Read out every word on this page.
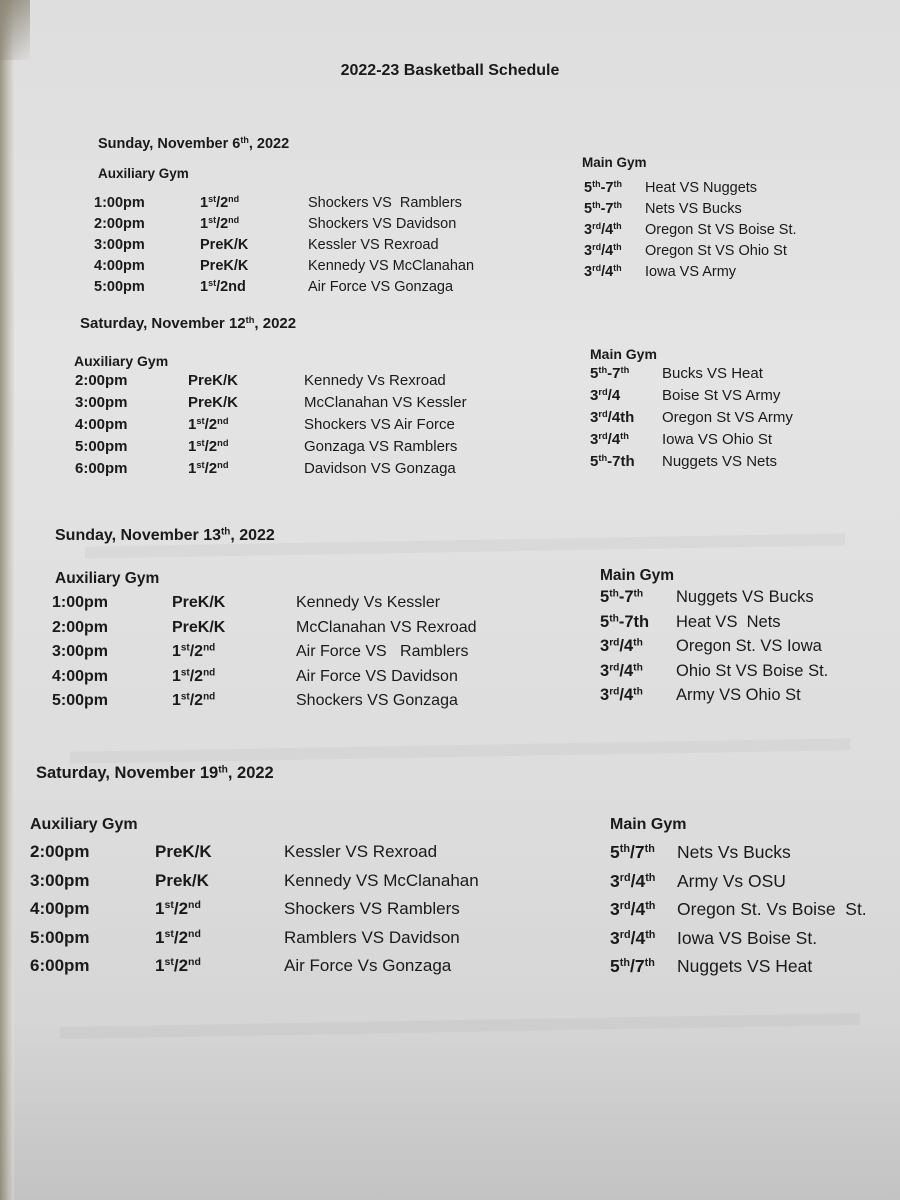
2022-23 Basketball Schedule
Sunday, November 6th, 2022
Auxiliary Gym
Main Gym
1:00pm	1st/2nd	Shockers VS  Ramblers
2:00pm	1st/2nd	Shockers VS Davidson
3:00pm	PreK/K	Kessler VS Rexroad
4:00pm	PreK/K	Kennedy VS McClanahan
5:00pm	1st/2nd	Air Force VS Gonzaga
5th-7th Heat VS Nuggets
5th-7th Nets VS Bucks
3rd/4th Oregon St VS Boise St.
3rd/4th Oregon St VS Ohio St
3rd/4th Iowa VS Army
Saturday, November 12th, 2022
Auxiliary Gym	Main Gym
2:00pm	PreK/K	Kennedy Vs Rexroad
3:00pm	PreK/K	McClanahan VS Kessler
4:00pm	1st/2nd	Shockers VS Air Force
5:00pm	1st/2nd	Gonzaga VS Ramblers
6:00pm	1st/2nd	Davidson VS Gonzaga
5th-7th Bucks VS Heat
3rd/4	Boise St VS Army
3rd/4th Oregon St VS Army
3rd/4th Iowa VS Ohio St
5th-7th Nuggets VS Nets
Sunday, November 13th, 2022
Auxiliary Gym	Main Gym
1:00pm	PreK/K	Kennedy Vs Kessler
2:00pm	PreK/K	McClanahan VS Rexroad
3:00pm	1st/2nd	Air Force VS   Ramblers
4:00pm	1st/2nd	Air Force VS Davidson
5:00pm	1st/2nd	Shockers VS Gonzaga
5th-7th Nuggets VS Bucks
5th-7th Heat VS  Nets
3rd/4th Oregon St. VS Iowa
3rd/4th Ohio St VS Boise St.
3rd/4th Army VS Ohio St
Saturday, November 19th, 2022
Auxiliary Gym	Main Gym
2:00pm	PreK/K	Kessler VS Rexroad
3:00pm	Prek/K	Kennedy VS McClanahan
4:00pm	1st/2nd	Shockers VS Ramblers
5:00pm	1st/2nd	Ramblers VS Davidson
6:00pm	1st/2nd	Air Force Vs Gonzaga
5th/7th Nets Vs Bucks
3rd/4th Army Vs OSU
3rd/4th Oregon St. Vs Boise  St.
3rd/4th Iowa VS Boise St.
5th/7th Nuggets VS Heat
